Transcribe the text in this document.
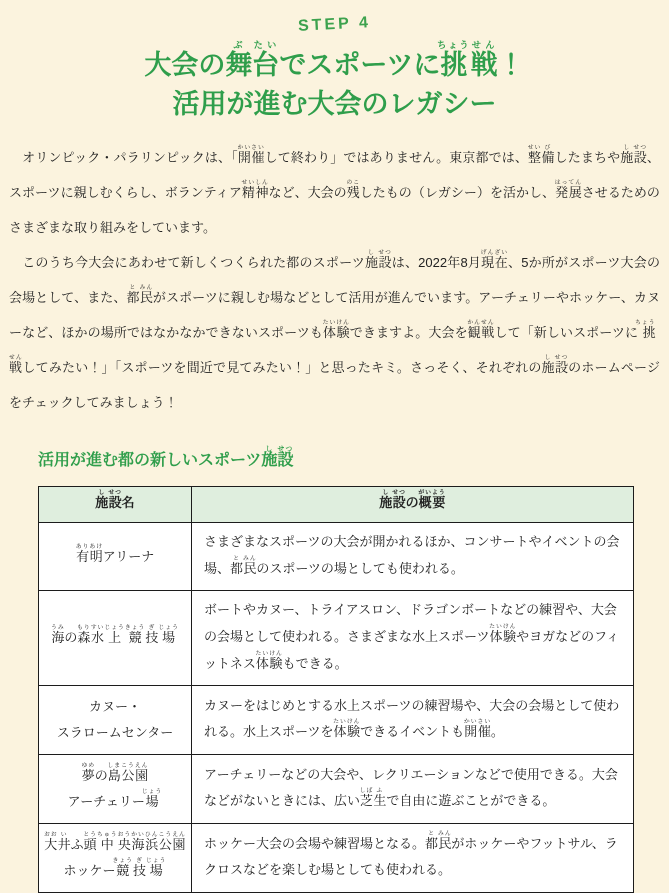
STEP 4
大会の舞ぶ台たいでスポーツに挑ちょう戦せん！
活用が進む大会のレガシー

　オリンピック・パラリンピックは、「開かい催さいして終わり」ではありません。東京都では、整せい備びしたまちや施し設せつ、スポーツに親しむくらし、ボランティア精せい神しんなど、大会の残のこしたもの（レガシー）を活かし、発はっ展てんさせるためのさまざまな取り組みをしています。

　このうち今大会にあわせて新しくつくられた都のスポーツ施し設せつは、2022年8月現げん在ざい、5か所がスポーツ大会の会場として、また、都と民みんがスポーツに親しむ場などとして活用が進んでいます。アーチェリーやホッケー、カヌーなど、ほかの場所ではなかなかできないスポーツも体たい験けんできますよ。大会を観かん戦せんして「新しいスポーツに挑ちょう戦せんしてみたい！」「スポーツを間近で見てみたい！」と思ったキミ。さっそく、それぞれの施し設せつのホームページをチェックしてみましょう！

活用が進む都の新しいスポーツ施し設せつ
施し設せつ名	施し設せつの概がい要よう

有あり明あけアリーナ	さまざまなスポーツの大会が開かれるほか、コンサートやイベントの会場、都と民みんのスポーツの場としても使われる。

海うみの森もり水すい上じょう競きょう技ぎ場じょう	ボートやカヌー、トライアスロン、ドラゴンボートなどの練習や、大会の会場として使われる。さまざまな水上スポーツ体たい験けんやヨガなどのフィットネス体たい験けんもできる。

カヌー・
スラロームセンター	カヌーをはじめとする水上スポーツの練習場や、大会の会場として使われる。水上スポーツを体たい験けんできるイベントも開かい催さい。

夢ゆめの島しま公こう園えん
アーチェリー場じょう	アーチェリーなどの大会や、レクリエーションなどで使用できる。大会などがないときには、広い芝しば生ふで自由に遊ぶことができる。

大おお井いふ頭とう中ちゅう央おう海かい浜ひん公こう園えん
ホッケー競きょう技ぎ場じょう	ホッケー大会の会場や練習場となる。都と民みんがホッケーやフットサル、ラクロスなどを楽しむ場としても使われる。
